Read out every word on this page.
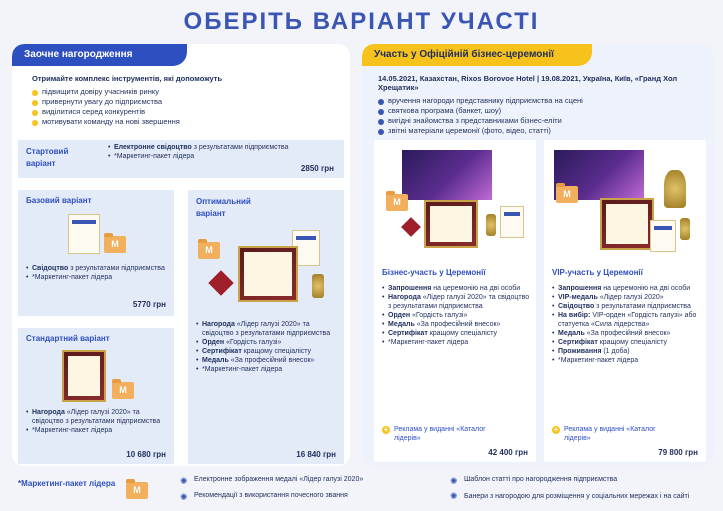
ОБЕРІТЬ ВАРІАНТ УЧАСТІ
Заочне нагородження
Отримайте комплекс інструментів, які допоможуть
підвищити довіру учасників ринку
привернути увагу до підприємства
виділитися серед конкурентів
мотивувати команду на нові звершення
Стартовий варіант
• Електронне свідоцтво з результатами підприємства
• *Маркетинг-пакет лідера
2850 грн
Базовий варіант
M
• Свідоцтво з результатами підприємства
• *Маркетинг-пакет лідера
5770 грн
Стандартний варіант
M
• Нагорода «Лідер галузі 2020» та свідоцтво з результатами підприємства
• *Маркетинг-пакет лідера
10 680 грн
Оптимальний варіант
M
• Нагорода «Лідер галузі 2020» та свідоцтво з результатами підприємства
• Орден «Гордість галузі»
• Сертифікат кращому спеціалісту
• Медаль «За професійний внесок»
• *Маркетинг-пакет лідера
16 840 грн
Участь у Офіційній бізнес-церемонії
14.05.2021, Казахстан, Rixos Borovoe Hotel | 19.08.2021, Україна, Київ, «Гранд Хол Хрещатик»
вручення нагороди представнику підприємства на сцені
святкова програма (банкет, шоу)
вигідні знайомства з представниками бізнес-еліти
звітні матеріали церемонії (фото, відео, статті)
M
Бізнес-участь у Церемонії
• Запрошення на церемонію на дві особи
• Нагорода «Лідер галузі 2020» та свідоцтво з результатами підприємства
• Орден «Гордість галузі»
• Медаль «За професійний внесок»
• Сертифікат кращому спеціалісту
• *Маркетинг-пакет лідера
+ Реклама у виданні «Каталог лідерів»
42 400 грн
M
VIP-участь у Церемонії
• Запрошення на церемонію на дві особи
• VIP-медаль «Лідер галузі 2020»
• Свідоцтво з результатами підприємства
• На вибір: VIP-орден «Гордість галузі» або статуетка «Сила лідерства»
• Медаль «За професійний внесок»
• Сертифікат кращому спеціалісту
• Проживання (1 доба)
• *Маркетинг-пакет лідера
+ Реклама у виданні «Каталог лідерів»
79 800 грн
*Маркетинг-пакет лідера
M
✺ Електронне зображення медалі «Лідер галузі 2020»
✺ Рекомендації з використання почесного звання
✺ Шаблон статті про нагородження підприємства
✺ Банери з нагородою для розміщення у соціальних мережах і на сайті
